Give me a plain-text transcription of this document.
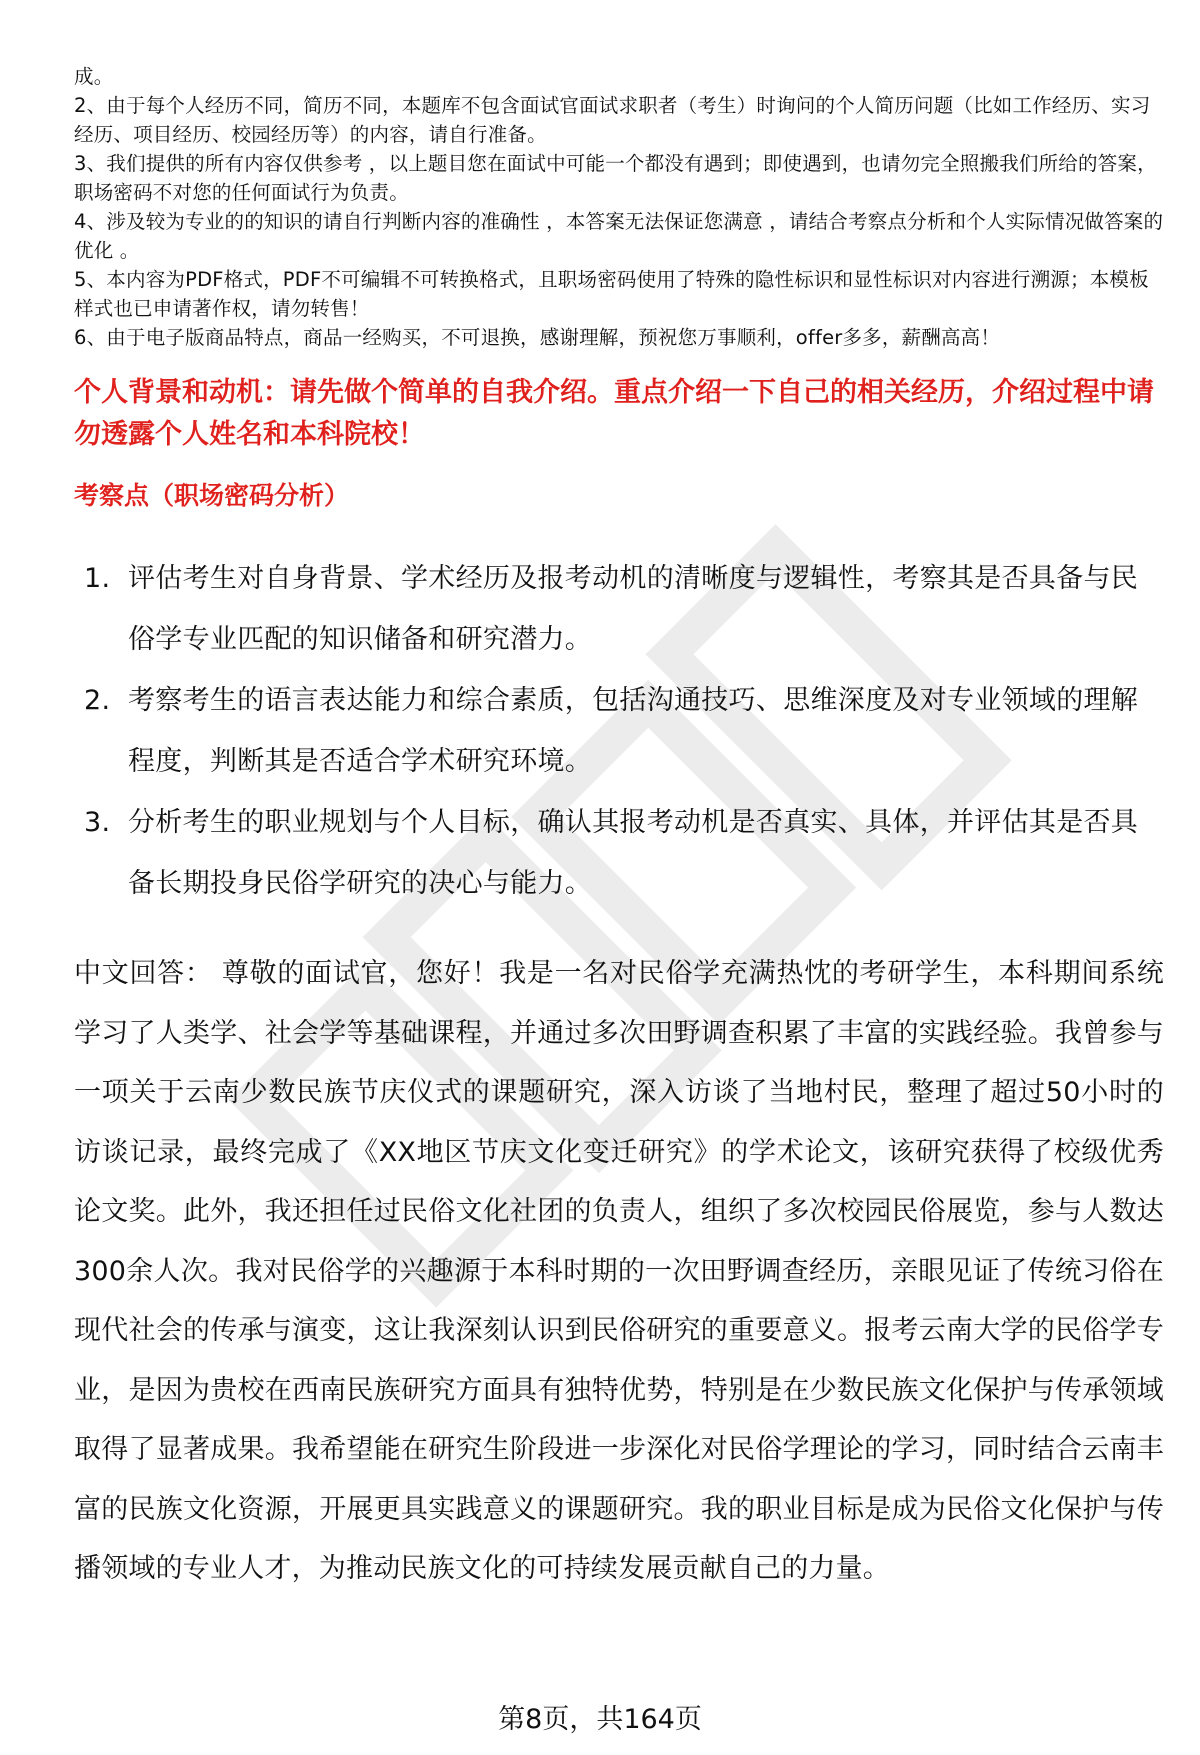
成。

2、由于每个人经历不同，简历不同，本题库不包含面试官面试求职者（考生）时询问的个人简历问题（比如工作经历、实习经历、项目经历、校园经历等）的内容，请自行准备。

3、我们提供的所有内容仅供参考 ，以上题目您在面试中可能一个都没有遇到；即使遇到，也请勿完全照搬我们所给的答案，职场密码不对您的任何面试行为负责。

4、涉及较为专业的的知识的请自行判断内容的准确性 ，本答案无法保证您满意 ，请结合考察点分析和个人实际情况做答案的优化 。

5、本内容为PDF格式，PDF不可编辑不可转换格式，且职场密码使用了特殊的隐性标识和显性标识对内容进行溯源；本模板样式也已申请著作权，请勿转售！

6、由于电子版商品特点，商品一经购买，不可退换，感谢理解，预祝您万事顺利，offer多多，薪酬高高！

个人背景和动机：请先做个简单的自我介绍。重点介绍一下自己的相关经历，介绍过程中请勿透露个人姓名和本科院校！
考察点（职场密码分析）
1. 评估考生对自身背景、学术经历及报考动机的清晰度与逻辑性，考察其是否具备与民俗学专业匹配的知识储备和研究潜力。
2. 考察考生的语言表达能力和综合素质，包括沟通技巧、思维深度及对专业领域的理解程度，判断其是否适合学术研究环境。
3. 分析考生的职业规划与个人目标，确认其报考动机是否真实、具体，并评估其是否具备长期投身民俗学研究的决心与能力。
中文回答： 尊敬的面试官，您好！我是一名对民俗学充满热忱的考研学生，本科期间系统学习了人类学、社会学等基础课程，并通过多次田野调查积累了丰富的实践经验。我曾参与一项关于云南少数民族节庆仪式的课题研究，深入访谈了当地村民，整理了超过50小时的访谈记录，最终完成了《XX地区节庆文化变迁研究》的学术论文，该研究获得了校级优秀论文奖。此外，我还担任过民俗文化社团的负责人，组织了多次校园民俗展览，参与人数达300余人次。我对民俗学的兴趣源于本科时期的一次田野调查经历，亲眼见证了传统习俗在现代社会的传承与演变，这让我深刻认识到民俗研究的重要意义。报考云南大学的民俗学专业，是因为贵校在西南民族研究方面具有独特优势，特别是在少数民族文化保护与传承领域取得了显著成果。我希望能在研究生阶段进一步深化对民俗学理论的学习，同时结合云南丰富的民族文化资源，开展更具实践意义的课题研究。我的职业目标是成为民俗文化保护与传播领域的专业人才，为推动民族文化的可持续发展贡献自己的力量。
第8页，共164页
